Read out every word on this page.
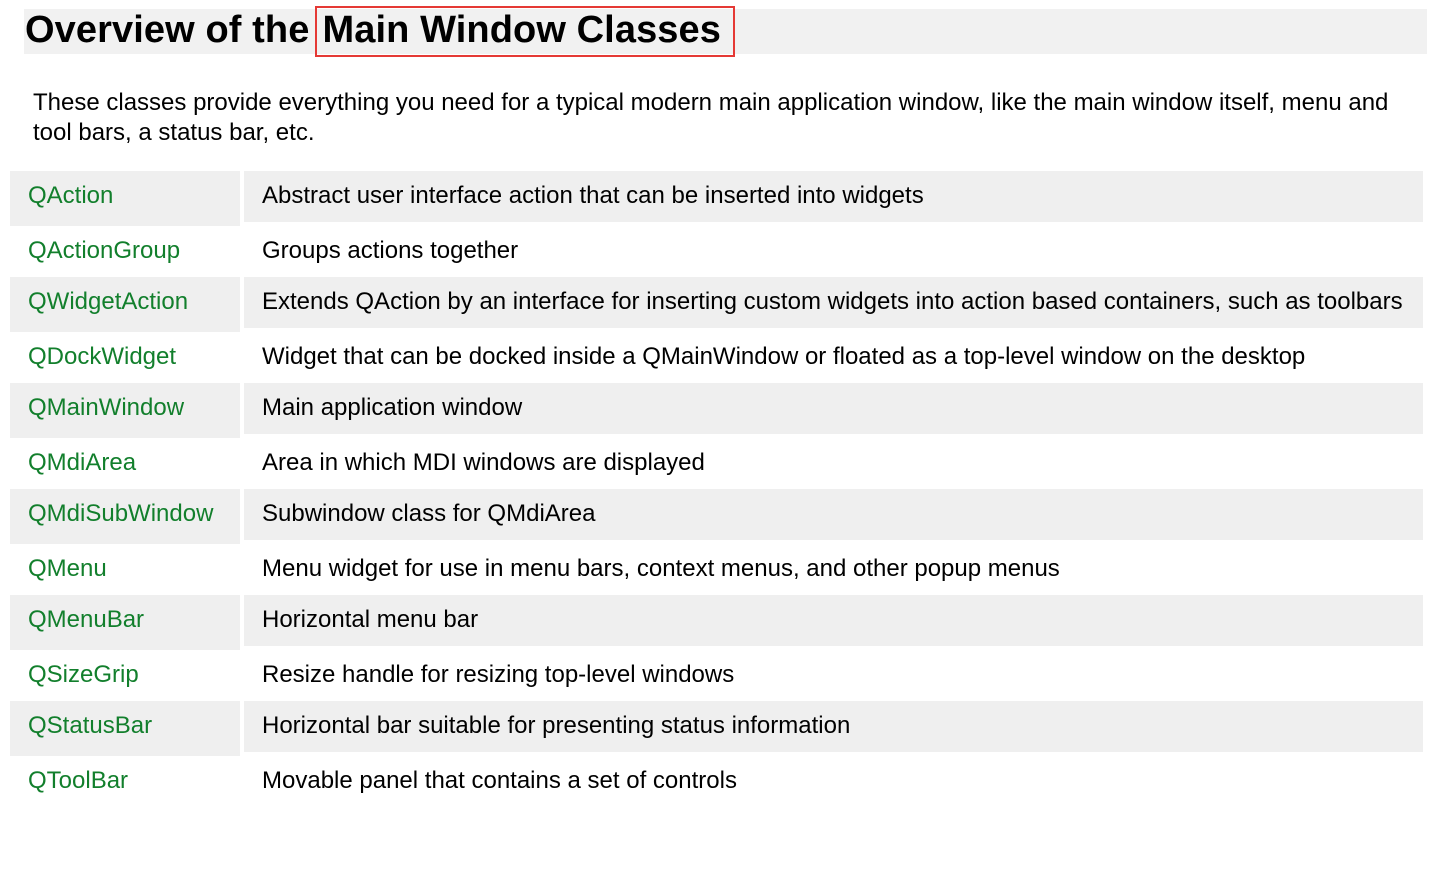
Overview of the Main Window Classes

These classes provide everything you need for a typical modern main application window, like the main window itself, menu and tool bars, a status bar, etc.

QAction	Abstract user interface action that can be inserted into widgets
QActionGroup	Groups actions together
QWidgetAction	Extends QAction by an interface for inserting custom widgets into action based containers, such as toolbars
QDockWidget	Widget that can be docked inside a QMainWindow or floated as a top-level window on the desktop
QMainWindow	Main application window
QMdiArea	Area in which MDI windows are displayed
QMdiSubWindow	Subwindow class for QMdiArea
QMenu	Menu widget for use in menu bars, context menus, and other popup menus
QMenuBar	Horizontal menu bar
QSizeGrip	Resize handle for resizing top-level windows
QStatusBar	Horizontal bar suitable for presenting status information
QToolBar	Movable panel that contains a set of controls
